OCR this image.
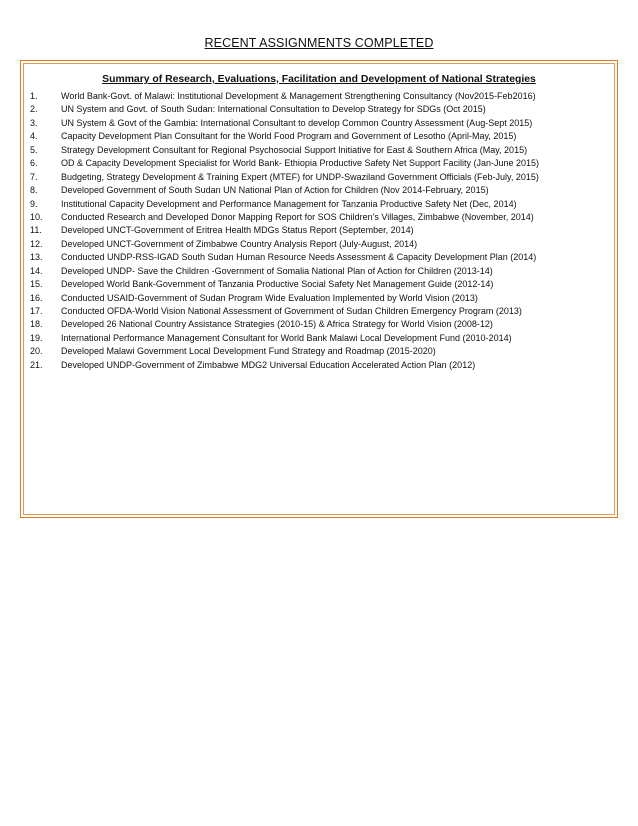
RECENT ASSIGNMENTS COMPLETED
Summary of Research, Evaluations, Facilitation and Development of National Strategies
1.	World Bank-Govt. of Malawi: Institutional Development & Management Strengthening Consultancy (Nov2015-Feb2016)
2.	UN System and Govt. of South Sudan: International Consultation to Develop Strategy for SDGs (Oct 2015)
3.	UN System & Govt of the Gambia: International Consultant to develop Common Country Assessment (Aug-Sept 2015)
4.	Capacity Development Plan Consultant for the World Food Program and Government of Lesotho (April-May, 2015)
5.	Strategy Development Consultant for Regional Psychosocial Support Initiative for East & Southern Africa (May, 2015)
6.	OD & Capacity Development Specialist for World Bank- Ethiopia Productive Safety Net Support Facility (Jan-June 2015)
7.	Budgeting, Strategy Development & Training Expert (MTEF) for UNDP-Swaziland Government Officials (Feb-July, 2015)
8.	Developed Government of South Sudan UN National Plan of Action for Children (Nov 2014-February, 2015)
9.	Institutional Capacity Development and Performance Management for Tanzania Productive Safety Net (Dec, 2014)
10.	Conducted Research and Developed Donor Mapping Report for SOS Children's Villages, Zimbabwe (November, 2014)
11.	Developed UNCT-Government of Eritrea Health MDGs Status Report (September, 2014)
12.	Developed UNCT-Government of Zimbabwe Country Analysis Report (July-August, 2014)
13.	Conducted UNDP-RSS-IGAD South Sudan Human Resource Needs Assessment & Capacity Development Plan (2014)
14.	Developed UNDP- Save the Children -Government of Somalia National Plan of Action for Children (2013-14)
15.	Developed World Bank-Government of Tanzania Productive Social Safety Net Management Guide (2012-14)
16.	Conducted USAID-Government of Sudan Program Wide Evaluation Implemented by World Vision (2013)
17.	Conducted OFDA-World Vision National Assessment of Government of Sudan Children Emergency Program (2013)
18.	Developed 26 National Country Assistance Strategies (2010-15) & Africa Strategy for World Vision (2008-12)
19.	International Performance Management Consultant for World Bank Malawi Local Development Fund (2010-2014)
20.	Developed Malawi Government Local Development Fund Strategy and Roadmap (2015-2020)
21.	Developed UNDP-Government of Zimbabwe MDG2 Universal Education Accelerated Action Plan (2012)
